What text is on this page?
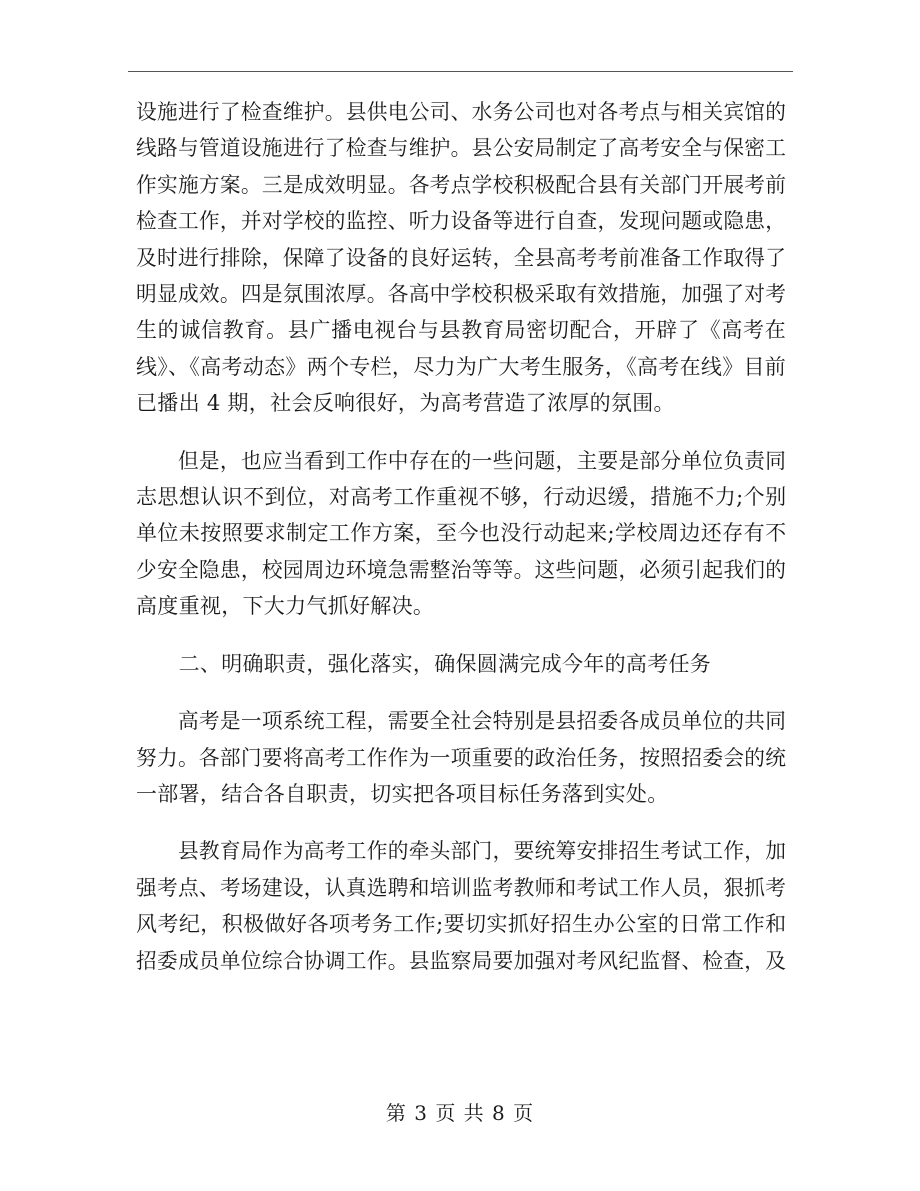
设施进行了检查维护。县供电公司、水务公司也对各考点与相关宾馆的
线路与管道设施进行了检查与维护。县公安局制定了高考安全与保密工
作实施方案。三是成效明显。各考点学校积极配合县有关部门开展考前
检查工作，并对学校的监控、听力设备等进行自查，发现问题或隐患，
及时进行排除，保障了设备的良好运转，全县高考考前准备工作取得了
明显成效。四是氛围浓厚。各高中学校积极采取有效措施，加强了对考
生的诚信教育。县广播电视台与县教育局密切配合，开辟了《高考在
线》、《高考动态》两个专栏，尽力为广大考生服务，《高考在线》目前
已播出 4 期，社会反响很好，为高考营造了浓厚的氛围。

　　但是，也应当看到工作中存在的一些问题，主要是部分单位负责同
志思想认识不到位，对高考工作重视不够，行动迟缓，措施不力;个别
单位未按照要求制定工作方案，至今也没行动起来;学校周边还存有不
少安全隐患，校园周边环境急需整治等等。这些问题，必须引起我们的
高度重视，下大力气抓好解决。

　　二、明确职责，强化落实，确保圆满完成今年的高考任务

　　高考是一项系统工程，需要全社会特别是县招委各成员单位的共同
努力。各部门要将高考工作作为一项重要的政治任务，按照招委会的统
一部署，结合各自职责，切实把各项目标任务落到实处。

　　县教育局作为高考工作的牵头部门，要统筹安排招生考试工作，加
强考点、考场建设，认真选聘和培训监考教师和考试工作人员，狠抓考
风考纪，积极做好各项考务工作;要切实抓好招生办公室的日常工作和
招委成员单位综合协调工作。县监察局要加强对考风纪监督、检查，及

第 3 页 共 8 页
